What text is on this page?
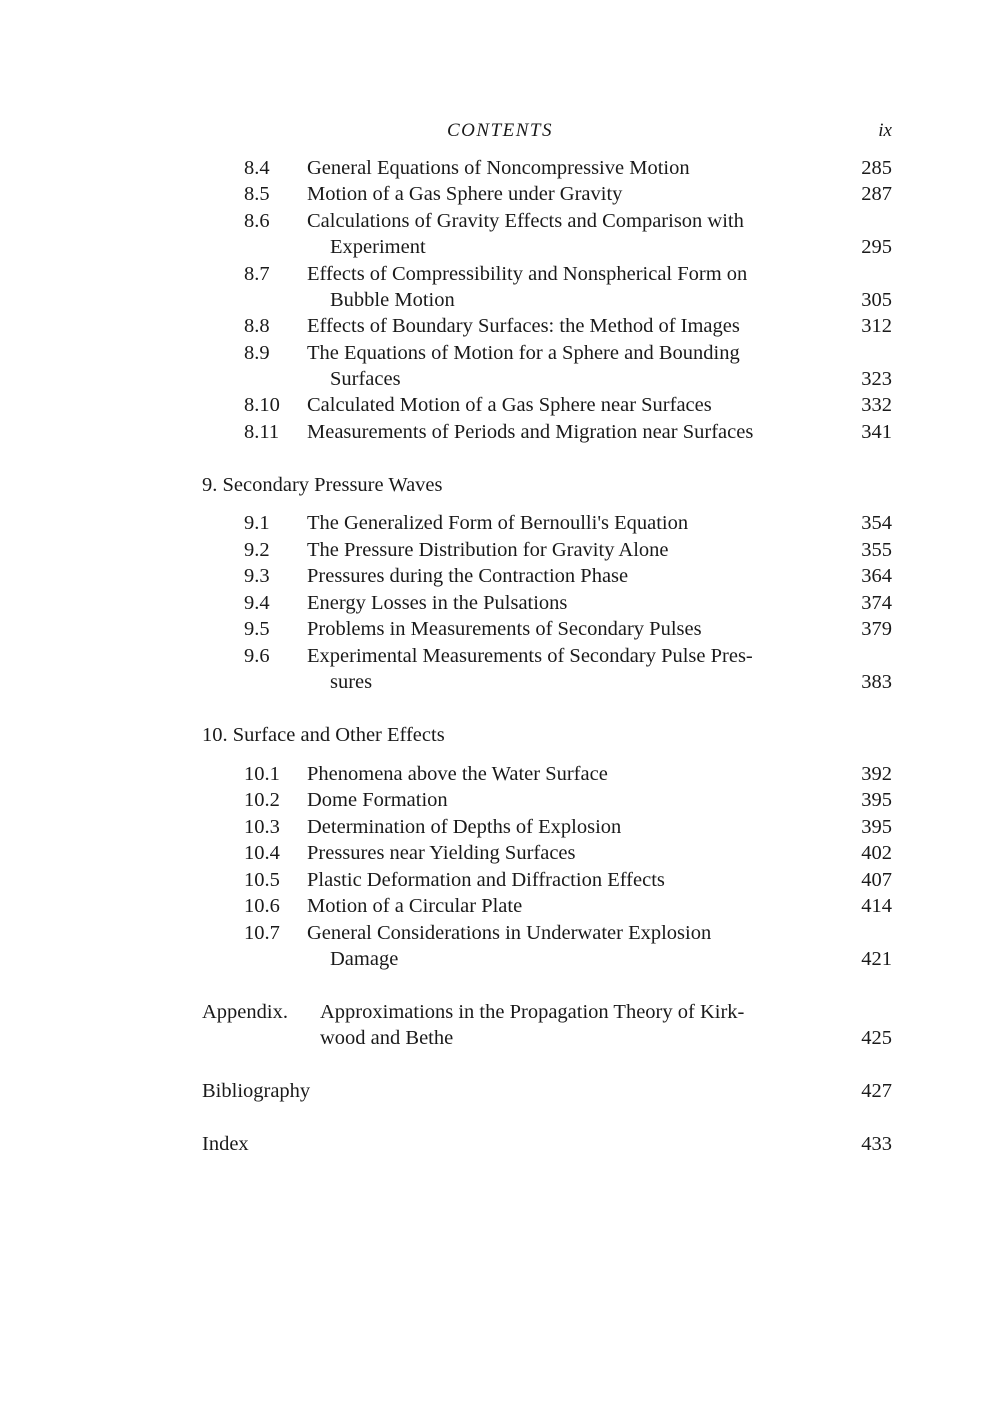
CONTENTS	ix
8.4 General Equations of Noncompressive Motion	285
8.5 Motion of a Gas Sphere under Gravity	287
8.6 Calculations of Gravity Effects and Comparison with
Experiment	295
8.7 Effects of Compressibility and Nonspherical Form on
Bubble Motion	305
8.8 Effects of Boundary Surfaces: the Method of Images	312
8.9 The Equations of Motion for a Sphere and Bounding
Surfaces	323
8.10 Calculated Motion of a Gas Sphere near Surfaces	332
8.11 Measurements of Periods and Migration near Surfaces	341
9. Secondary Pressure Waves
9.1 The Generalized Form of Bernoulli's Equation	354
9.2 The Pressure Distribution for Gravity Alone	355
9.3 Pressures during the Contraction Phase	364
9.4 Energy Losses in the Pulsations	374
9.5 Problems in Measurements of Secondary Pulses	379
9.6 Experimental Measurements of Secondary Pulse Pres-
sures	383
10. Surface and Other Effects
10.1 Phenomena above the Water Surface	392
10.2 Dome Formation	395
10.3 Determination of Depths of Explosion	395
10.4 Pressures near Yielding Surfaces	402
10.5 Plastic Deformation and Diffraction Effects	407
10.6 Motion of a Circular Plate	414
10.7 General Considerations in Underwater Explosion
Damage	421
Appendix. Approximations in the Propagation Theory of Kirk-
wood and Bethe	425
Bibliography	427
Index	433
